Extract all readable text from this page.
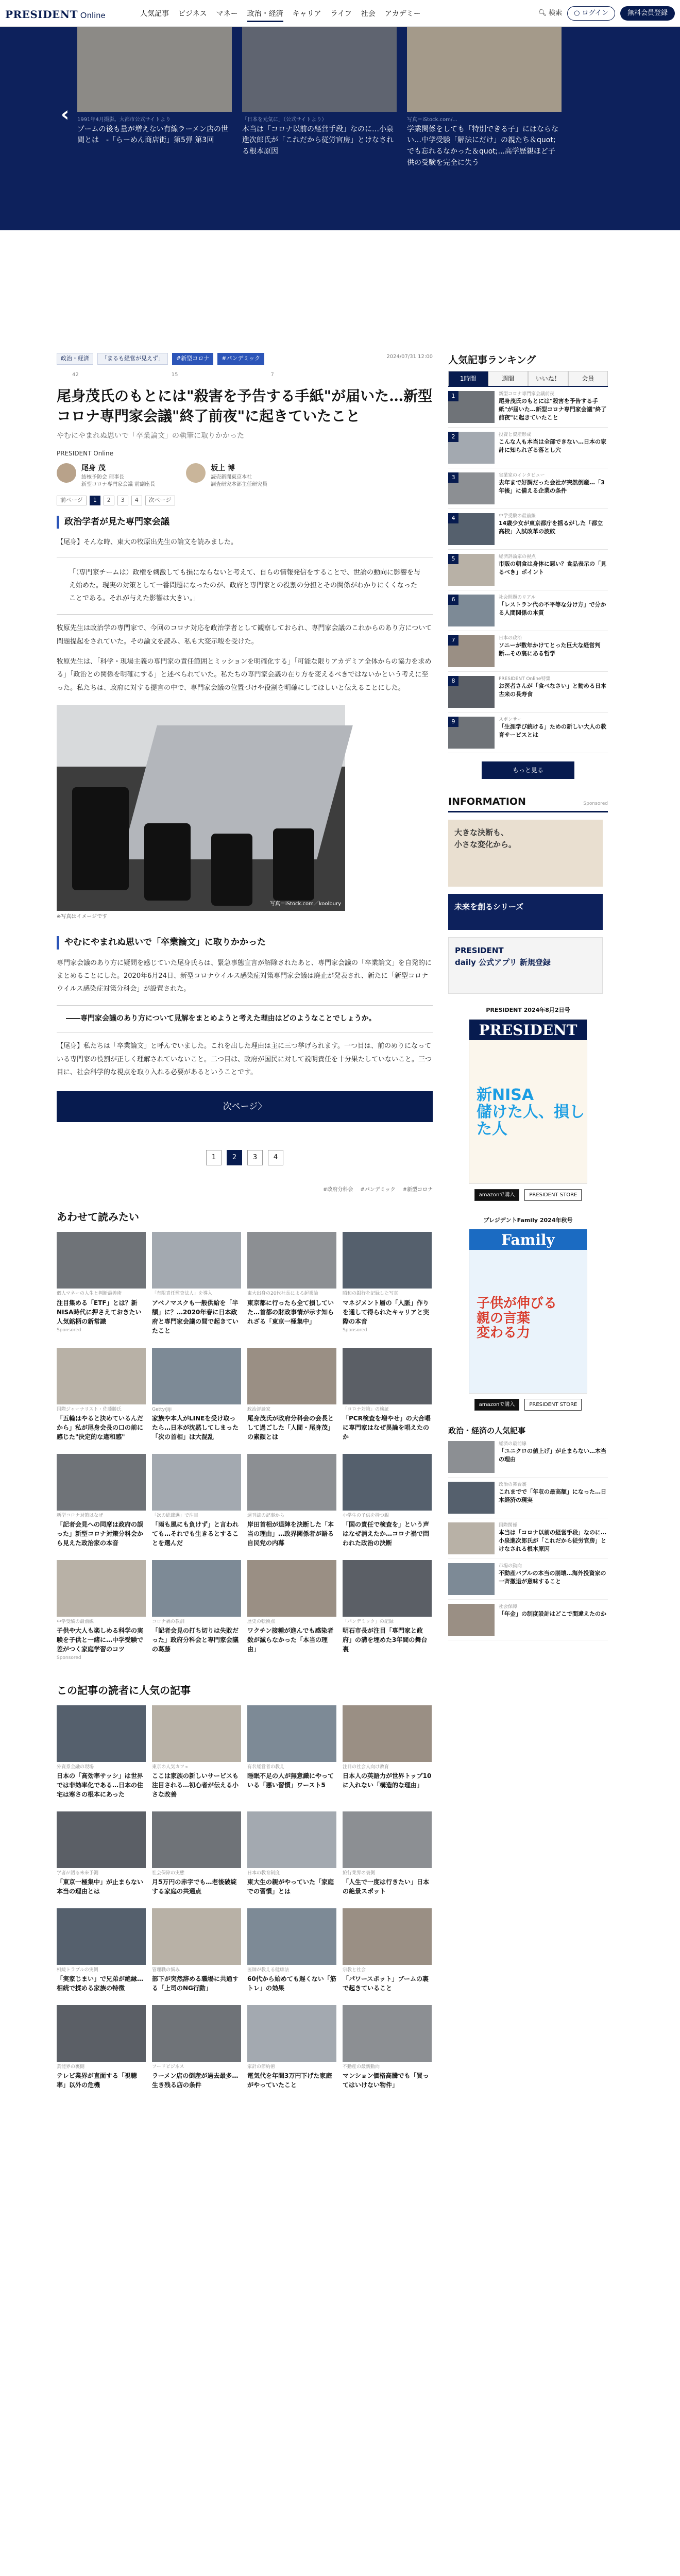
PRESIDENT Online	人気記事 ビジネス マネー 政治・経済 キャリア ライフ 社会 アカデミー	🔍︎ 検索	○ ログイン	無料会員登録
‹ 1991年4月撮影。大都市公式サイトより
ブームの後も量が増えない有線ラーメン店の世間とは　-「らーめん商店街」第5弾 第3回
「日本を元気に」（公式サイトより）
本当は「コロナ以前の経営手段」なのに…小泉進次郎氏が「これだから従労官房」とけなされる根本原因
写真＝iStock.com/...
学業関係をしても「特別できる子」にはならない…中学受験「解法にだけ」の親たち＆quot;でも忘れるなかった＆quot;...高学歴親ほど子供の受験を完全に失う
政治・経済	「まるも経営が見えず」	#新型コロナ	#パンデミック	2024/07/31 12:00
42	15	7
尾身茂氏のもとには"殺害を予告する手紙"が届いた…新型コロナ専門家会議"終了前夜"に起きていたこと
やむにやまれぬ思いで「卒業論文」の執筆に取りかかった
PRESIDENT Online
尾身 茂
結核予防会 理事長
新型コロナ専門家会議 前副座長
坂上 博
読売新聞東京本社
調査研究本部主任研究員
前ページ	1	2	3	4	次ページ
政治学者が見た専門家会議

【尾身】そんな時、東大の牧原出先生の論文を読みました。

「（専門家チームは）政権を刺激しても損にならないと考えて、自らの情報発信をすることで、世論の動向に影響を与え始めた。現実の対策として一番問題になったのが、政府と専門家との役割の分担とその関係がわかりにくくなったことである。それが与えた影響は大きい。」

牧原先生は政治学の専門家で、今回のコロナ対応を政治学者として観察しておられ、専門家会議のこれからのあり方について問題提起をされていた。その論文を読み、私も大変示唆を受けた。

牧原先生は、「科学・現場主義の専門家の責任範囲とミッションを明確化する」「可能な限りアカデミア全体からの協力を求める」「政治との関係を明確にする」と述べられていた。私たちの専門家会議の在り方を変えるべきではないかという考えに至った。私たちは、政府に対する提言の中で、専門家会議の位置づけや役割を明確にしてほしいと伝えることにした。

写真＝iStock.com／koolbury
※写真はイメージです
やむにやまれぬ思いで「卒業論文」に取りかかった

専門家会議のあり方に疑問を感じていた尾身氏らは、緊急事態宣言が解除されたあと、専門家会議の「卒業論文」を自発的にまとめることにした。2020年6月24日、新型コロナウイルス感染症対策専門家会議は廃止が発表され、新たに「新型コロナウイルス感染症対策分科会」が設置された。

――専門家会議のあり方について見解をまとめようと考えた理由はどのようなことでしょうか。

【尾身】私たちは「卒業論文」と呼んでいました。これを出した理由は主に三つ挙げられます。一つ目は、前のめりになっている専門家の役割が正しく理解されていないこと。二つ目は、政府が国民に対して説明責任を十分果たしていないこと。三つ目に、社会科学的な視点を取り入れる必要があるということです。

次ページ〉
1	2	3	4
#政府分科会 #パンデミック #新型コロナ
あわせて読みたい
個人マネーの人生と判断最善術
注目集める「ETF」とは？新NISA時代に押さえておきたい人気銘柄の新常識
Sponsored
「有限責任監査法人」を導入
アベノマスクも一般供給を「半額」に？…2020年春に日本政府と専門家会議の間で起きていたこと
東大出身の20代社長による起業論
東京都に行ったら全て損していた…首都の財政事情が示す知られざる「東京一極集中」
昭和の銀行を記録した写真
マネジメント層の「人脈」作りを通して得られたキャリアと実際の本音
Sponsored
国際ジャーナリスト・佐藤勝氏
「五輪はやると決めているんだから」私が尾身会長の口の前に感じた"決定的な違和感"
Getty/Jiji
家族や本人がLINEを受け取ったら…日本が沈黙してしまった「次の首相」は大混乱
政治評論家
尾身茂氏が政府分科会の会長として過ごした「人間・尾身茂」の素顔とは
「コロナ対策」の検証
「PCR検査を増やせ」の大合唱に専門家はなぜ異論を唱えたのか
新型コロナ対策はなぜ
「記者会見への同席は政府の誤った」新型コロナ対策分科会から見えた政治家の本音
「次の総裁選」で注目
「雨も風にも負けず」と言われても…それでも生きるとすることを選んだ
週刊誌の記事から
岸田首相が退陣を決断した「本当の理由」…政界関係者が語る自民党の内幕
小学生の子供を持つ親
「国の責任で検査を」という声はなぜ消えたか…コロナ禍で問われた政治の決断
中学受験の最前線
子供や大人も楽しめる科学の実験を子供と一緒に…中学受験で差がつく家庭学習のコツ
Sponsored
コロナ禍の教訓
「記者会見の打ち切りは失敗だった」政府分科会と専門家会議の葛藤
歴史の転換点
ワクチン接種が進んでも感染者数が減らなかった「本当の理由」
「パンデミック」の記録
明石市長が注目「専門家と政府」の溝を埋めた3年間の舞台裏
この記事の読者に人気の記事
外資系金融の現場
日本の「高効率サッシ」は世界では非効率化である…日本の住宅は寒さの根本にあった
東京の人気カフェ
ここは家族の新しいサービスも注目される…初心者が伝える小さな改善
有名経営者の教え
睡眠不足の人が無意識にやっている「悪い習慣」ワースト5
注目の社会人向け教育
日本人の英語力が世界トップ10に入れない「構造的な理由」
学者が語る未来予測
「東京一極集中」が止まらない本当の理由とは
社会保障の実態
月5万円の赤字でも…老後破綻する家庭の共通点
日本の教育制度
東大生の親がやっていた「家庭での習慣」とは
旅行業界の裏側
「人生で一度は行きたい」日本の絶景スポット
相続トラブルの実例
「実家じまい」で兄弟が絶縁…相続で揉める家族の特徴
管理職の悩み
部下が突然辞める職場に共通する「上司のNG行動」
医師が教える健康法
60代から始めても遅くない「筋トレ」の効果
宗教と社会
「パワースポット」ブームの裏で起きていること
芸能界の裏側
テレビ業界が直面する「視聴率」以外の危機
フードビジネス
ラーメン店の倒産が過去最多…生き残る店の条件
家計の節約術
電気代を年間3万円下げた家庭がやっていたこと
不動産の最新動向
マンション価格高騰でも「買ってはいけない物件」
人気記事ランキング
1時間	週間	いいね！	会員
1	新型コロナ専門家会議前夜
尾身茂氏のもとには"殺害を予告する手紙"が届いた…新型コロナ専門家会議"終了前夜"に起きていたこと
2	投資と資産形成
こんな人も本当は全部できない…日本の家計に知られざる落とし穴
3	実業家のインタビュー
去年まで好調だった会社が突然倒産…「3年後」に備える企業の条件
4	中学受験の最前線
14歳少女が東京都庁を揺るがした「都立高校」入試改革の波紋
5	経済評論家の視点
市販の朝食は身体に悪い？食品表示の「見るべき」ポイント
6	社会問題のリアル
「レストラン代の不平等な分け方」で分かる人間関係の本質
7	日本の政治
ソニーが数年かけてとった巨大な経営判断…その裏にある哲学
8	PRESIDENT Online特集
お医者さんが「食べなさい」と勧める日本古来の長寿食
9	スポンサー
「生涯学び続ける」ための新しい大人の教育サービスとは
もっと見る
INFORMATION	Sponsored
大きな決断も、
小さな変化から。
未来を創るシリーズ
PRESIDENT
daily 公式アプリ 新規登録
PRESIDENT 2024年8月2日号
PRESIDENT
新NISA
儲けた人、損した人
amazonで購入	PRESIDENT STORE
プレジデントFamily 2024年秋号
Family
子供が伸びる
親の言葉
変わる力
amazonで購入	PRESIDENT STORE
政治・経済の人気記事
経済の最前線
「ユニクロの値上げ」が止まらない…本当の理由
政治の舞台裏
これまでで「年収の最高額」になった…日本経済の現実
国際関係
本当は「コロナ以前の経営手段」なのに…小泉進次郎氏が「これだから従労官房」とけなされる根本原因
市場の動向
不動産バブルの本当の崩壊…海外投資家の一斉撤退が意味すること
社会保障
「年金」の制度設計はどこで間違えたのか
